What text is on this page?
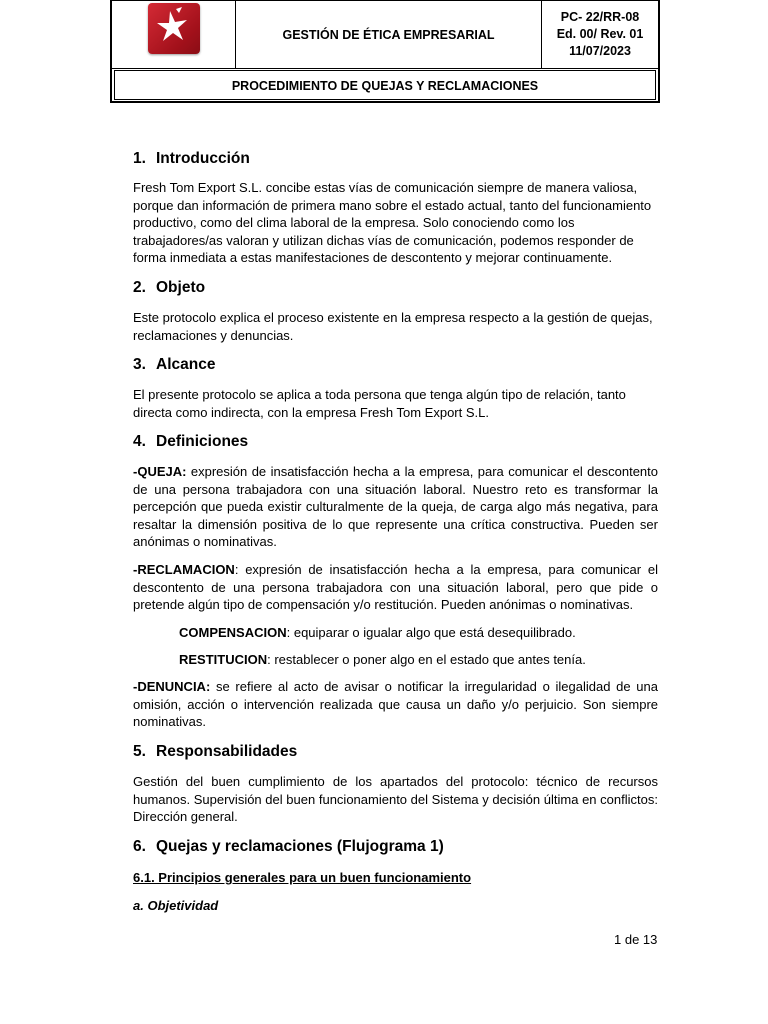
GESTIÓN DE ÉTICA EMPRESARIAL
PC- 22/RR-08
Ed. 00/ Rev. 01
11/07/2023
PROCEDIMIENTO DE QUEJAS Y RECLAMACIONES
1. Introducción

Fresh Tom Export S.L. concibe estas vías de comunicación siempre de manera valiosa, porque dan información de primera mano sobre el estado actual, tanto del funcionamiento productivo, como del clima laboral de la empresa. Solo conociendo como los trabajadores/as valoran y utilizan dichas vías de comunicación, podemos responder de forma inmediata a estas manifestaciones de descontento y mejorar continuamente.

2. Objeto

Este protocolo explica el proceso existente en la empresa respecto a la gestión de quejas, reclamaciones y denuncias.

3. Alcance

El presente protocolo se aplica a toda persona que tenga algún tipo de relación, tanto directa como indirecta, con la empresa Fresh Tom Export S.L.

4. Definiciones

-QUEJA: expresión de insatisfacción hecha a la empresa, para comunicar el descontento de una persona trabajadora con una situación laboral. Nuestro reto es transformar la percepción que pueda existir culturalmente de la queja, de carga algo más negativa, para resaltar la dimensión positiva de lo que represente una crítica constructiva. Pueden ser anónimas o nominativas.

-RECLAMACION: expresión de insatisfacción hecha a la empresa, para comunicar el descontento de una persona trabajadora con una situación laboral, pero que pide o pretende algún tipo de compensación y/o restitución. Pueden anónimas o nominativas.

COMPENSACION: equiparar o igualar algo que está desequilibrado.

RESTITUCION: restablecer o poner algo en el estado que antes tenía.

-DENUNCIA: se refiere al acto de avisar o notificar la irregularidad o ilegalidad de una omisión, acción o intervención realizada que causa un daño y/o perjuicio. Son siempre nominativas.

5. Responsabilidades

Gestión del buen cumplimiento de los apartados del protocolo: técnico de recursos humanos. Supervisión del buen funcionamiento del Sistema y decisión última en conflictos: Dirección general.

6. Quejas y reclamaciones (Flujograma 1)
6.1. Principios generales para un buen funcionamiento
a. Objetividad
1 de 13
